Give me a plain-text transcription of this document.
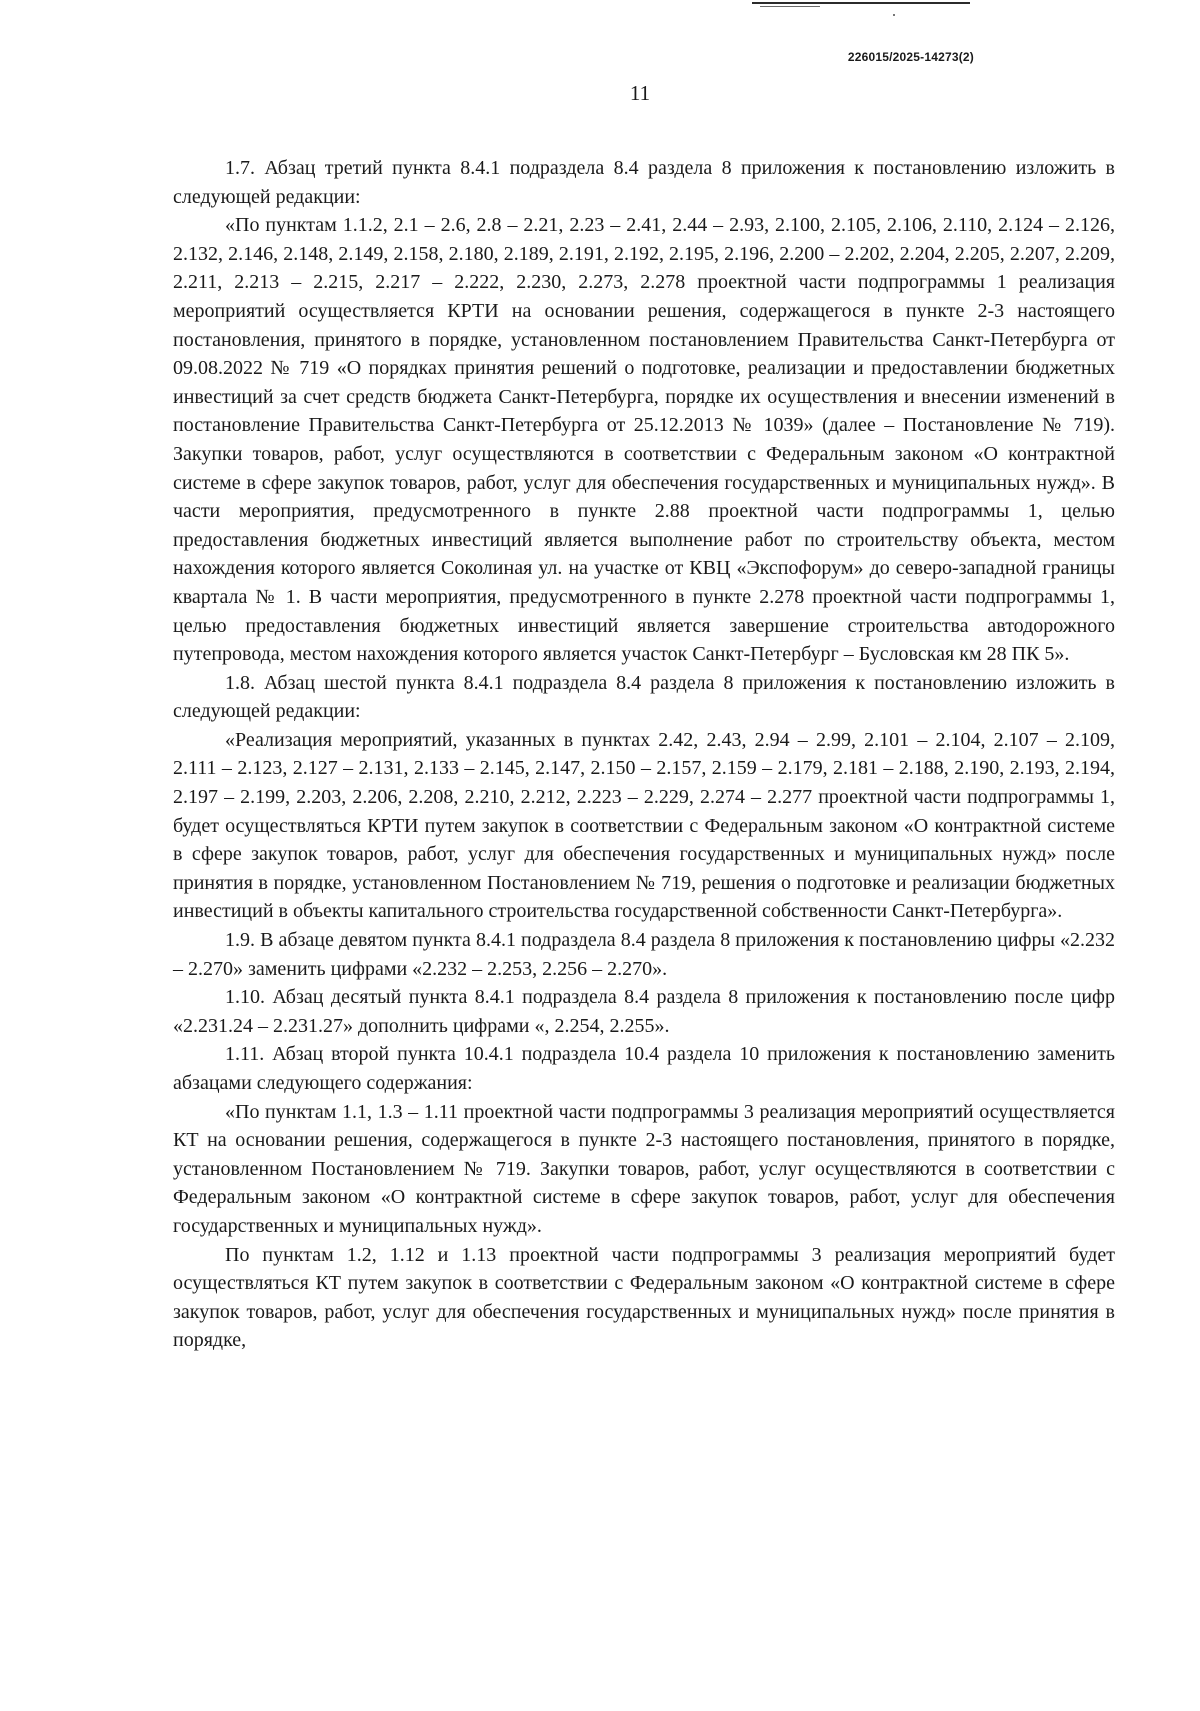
226015/2025-14273(2)
11

1.7. Абзац третий пункта 8.4.1 подраздела 8.4 раздела 8 приложения к постановлению изложить в следующей редакции:

«По пунктам 1.1.2, 2.1 – 2.6, 2.8 – 2.21, 2.23 – 2.41, 2.44 – 2.93, 2.100, 2.105, 2.106, 2.110, 2.124 – 2.126, 2.132, 2.146, 2.148, 2.149, 2.158, 2.180, 2.189, 2.191, 2.192, 2.195, 2.196, 2.200 – 2.202, 2.204, 2.205, 2.207, 2.209, 2.211, 2.213 – 2.215, 2.217 – 2.222, 2.230, 2.273, 2.278 проектной части подпрограммы 1 реализация мероприятий осуществляется КРТИ на основании решения, содержащегося в пункте 2-3 настоящего постановления, принятого в порядке, установленном постановлением Правительства Санкт-Петербурга от 09.08.2022 № 719 «О порядках принятия решений о подготовке, реализации и предоставлении бюджетных инвестиций за счет средств бюджета Санкт-Петербурга, порядке их осуществления и внесении изменений в постановление Правительства Санкт-Петербурга от 25.12.2013 № 1039» (далее – Постановление № 719). Закупки товаров, работ, услуг осуществляются в соответствии с Федеральным законом «О контрактной системе в сфере закупок товаров, работ, услуг для обеспечения государственных и муниципальных нужд». В части мероприятия, предусмотренного в пункте 2.88 проектной части подпрограммы 1, целью предоставления бюджетных инвестиций является выполнение работ по строительству объекта, местом нахождения которого является Соколиная ул. на участке от КВЦ «Экспофорум» до северо-западной границы квартала № 1. В части мероприятия, предусмотренного в пункте 2.278 проектной части подпрограммы 1, целью предоставления бюджетных инвестиций является завершение строительства автодорожного путепровода, местом нахождения которого является участок Санкт-Петербург – Бусловская км 28 ПК 5».

1.8. Абзац шестой пункта 8.4.1 подраздела 8.4 раздела 8 приложения к постановлению изложить в следующей редакции:

«Реализация мероприятий, указанных в пунктах 2.42, 2.43, 2.94 – 2.99, 2.101 – 2.104, 2.107 – 2.109, 2.111 – 2.123, 2.127 – 2.131, 2.133 – 2.145, 2.147, 2.150 – 2.157, 2.159 – 2.179, 2.181 – 2.188, 2.190, 2.193, 2.194, 2.197 – 2.199, 2.203, 2.206, 2.208, 2.210, 2.212, 2.223 – 2.229, 2.274 – 2.277 проектной части подпрограммы 1, будет осуществляться КРТИ путем закупок в соответствии с Федеральным законом «О контрактной системе в сфере закупок товаров, работ, услуг для обеспечения государственных и муниципальных нужд» после принятия в порядке, установленном Постановлением № 719, решения о подготовке и реализации бюджетных инвестиций в объекты капитального строительства государственной собственности Санкт-Петербурга».

1.9. В абзаце девятом пункта 8.4.1 подраздела 8.4 раздела 8 приложения к постановлению цифры «2.232 – 2.270» заменить цифрами «2.232 – 2.253, 2.256 – 2.270».

1.10. Абзац десятый пункта 8.4.1 подраздела 8.4 раздела 8 приложения к постановлению после цифр «2.231.24 – 2.231.27» дополнить цифрами «, 2.254, 2.255».

1.11. Абзац второй пункта 10.4.1 подраздела 10.4 раздела 10 приложения к постановлению заменить абзацами следующего содержания:

«По пунктам 1.1, 1.3 – 1.11 проектной части подпрограммы 3 реализация мероприятий осуществляется КТ на основании решения, содержащегося в пункте 2-3 настоящего постановления, принятого в порядке, установленном Постановлением № 719. Закупки товаров, работ, услуг осуществляются в соответствии с Федеральным законом «О контрактной системе в сфере закупок товаров, работ, услуг для обеспечения государственных и муниципальных нужд».

По пунктам 1.2, 1.12 и 1.13 проектной части подпрограммы 3 реализация мероприятий будет осуществляться КТ путем закупок в соответствии с Федеральным законом «О контрактной системе в сфере закупок товаров, работ, услуг для обеспечения государственных и муниципальных нужд» после принятия в порядке,
